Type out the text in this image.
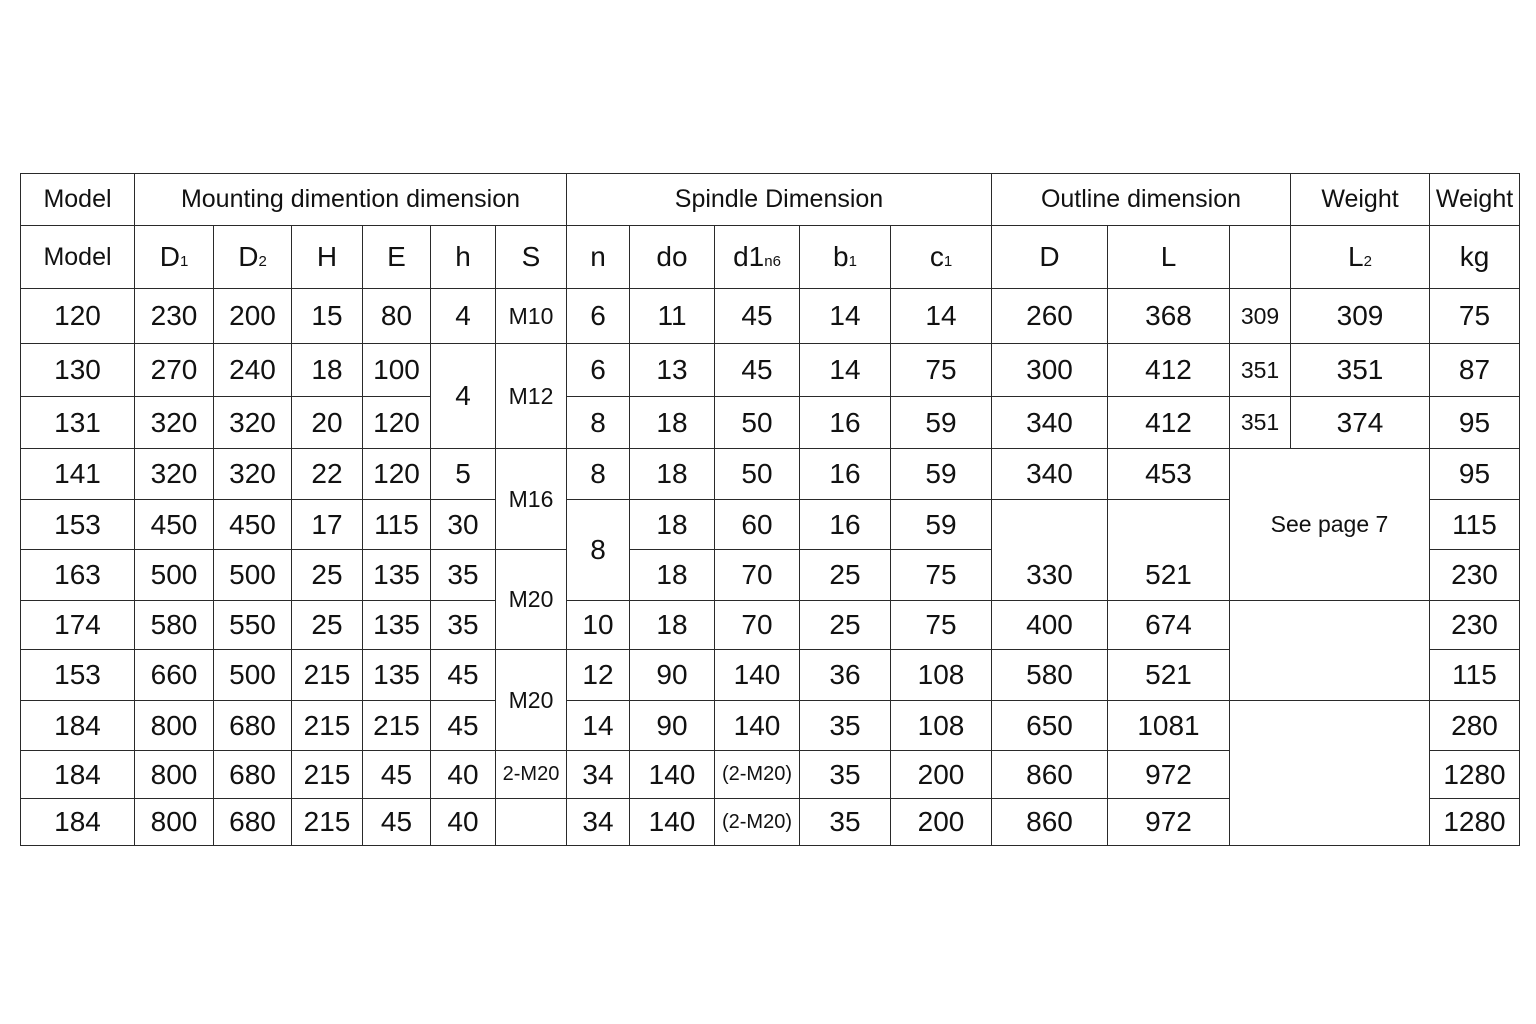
Model	Mounting dimention dimension						Spindle Dimension					Outline dimension			Weight	Weight
Model	D1	D2	H	E	h	S	n	do	d1n6	b1	c1	D	L		L2	kg
120	230	200	15	80	4	M10	6	11	45	14	14	260	368	309	309	75
130	270	240	18	100	4	M12	6	13	45	14	75	300	412	351	351	87
131	320	320	20	120			8	18	50	16	59	340	412	351	374	95
141	320	320	22	120	5	M16	8	18	50	16	59	340	453	See page 7		95
153	450	450	17	115	30		8	18	60	16	59					115
163	500	500	25	135	35	M20		18	70	25	75	330	521			230
174	580	550	25	135	35		10	18	70	25	75	400	674			230
153	660	500	215	135	45	M20	12	90	140	36	108	580	521			115
184	800	680	215	215	45		14	90	140	35	108	650	1081			280
184	800	680	215	45	40	2-M20	34	140	(2-M20)	35	200	860	972			1280
184	800	680	215	45	40		34	140	(2-M20)	35	200	860	972			1280
